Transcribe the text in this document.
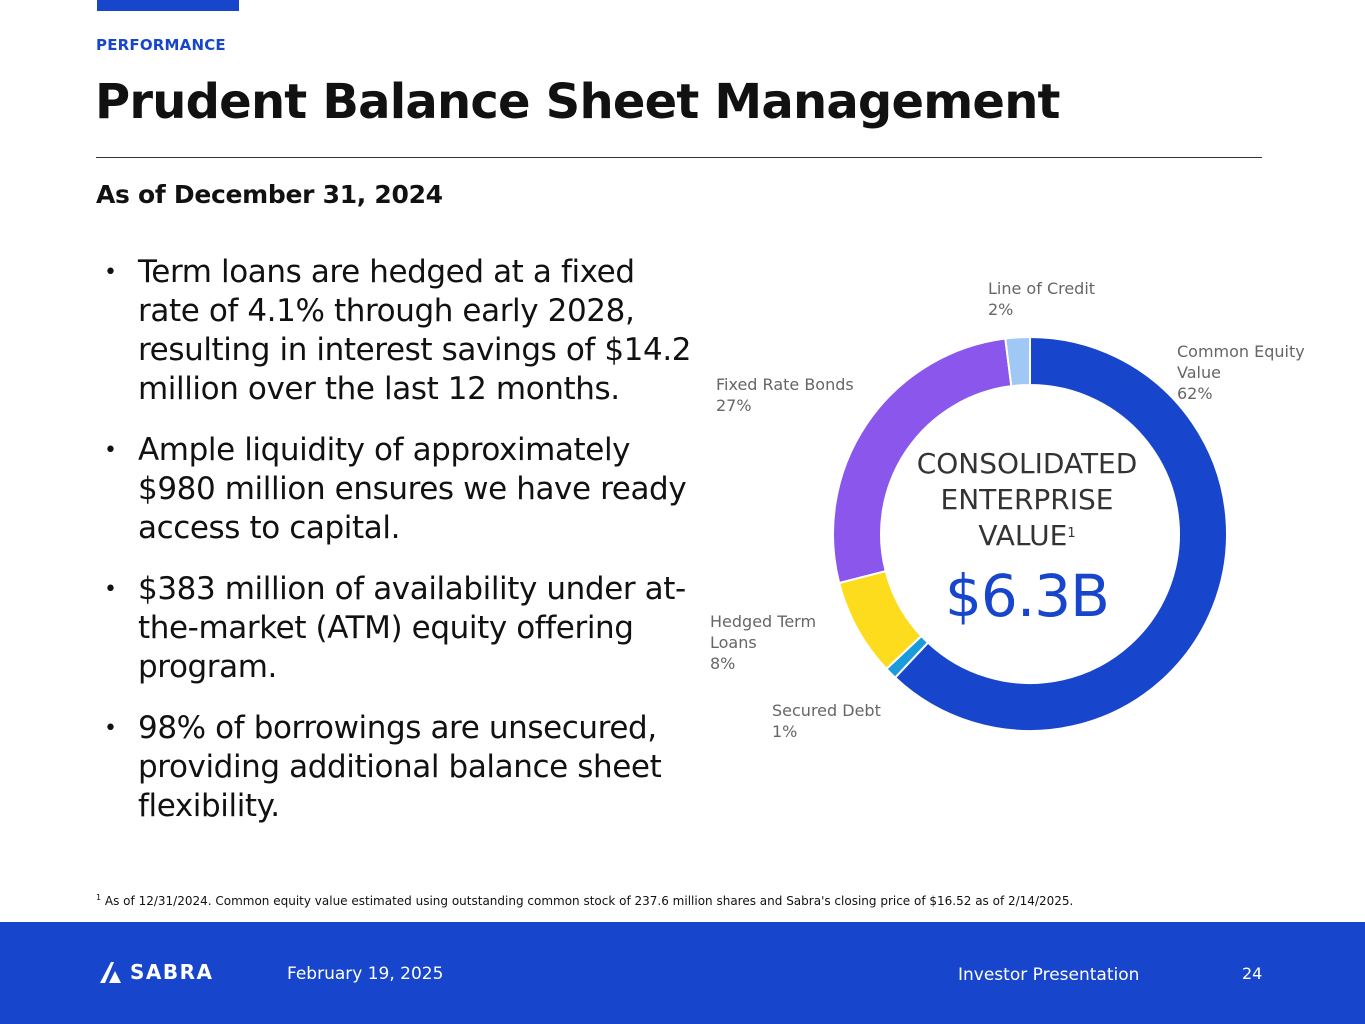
PERFORMANCE
Prudent Balance Sheet Management
As of December 31, 2024
• Term loans are hedged at a fixed rate of 4.1% through early 2028, resulting in interest savings of $14.2 million over the last 12 months.
• Ample liquidity of approximately $980 million ensures we have ready access to capital.
• $383 million of availability under at-the-market (ATM) equity offering program.
• 98% of borrowings are unsecured, providing additional balance sheet flexibility.
Common Equity
Value
62%
Secured Debt
1%
Hedged Term
Loans
8%
Fixed Rate Bonds
27%
Line of Credit
2%
CONSOLIDATED
ENTERPRISE
VALUE$^1$
$6.3B
$^1$ As of 12/31/2024. Common equity value estimated using outstanding common stock of 237.6 million shares and Sabra's closing price of $16.52 as of 2/14/2025.
SABRA	February 19, 2025	Investor Presentation	24
